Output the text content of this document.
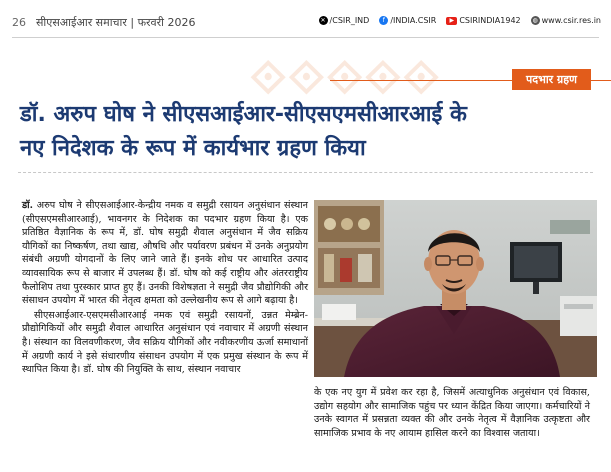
26 सीएसआईआर समाचार | फरवरी 2026	✕ /CSIR_IND	f /INDIA.CSIR	▶ CSIRINDIA1942	◍ www.csir.res.in
⟐⟐⟐⟐⟐	पदभार ग्रहण
डॉ. अरुप घोष ने सीएसआईआर-सीएसएमसीआरआई के
नए निदेशक के रूप में कार्यभार ग्रहण किया

डॉ. अरुप घोष ने सीएसआईआर-केन्द्रीय नमक व समुद्री रसायन अनुसंधान संस्थान (सीएसएमसीआरआई), भावनगर के निदेशक का पदभार ग्रहण किया है। एक प्रतिष्ठित वैज्ञानिक के रूप में, डॉ. घोष समुद्री शैवाल अनुसंधान में जैव सक्रिय यौगिकों का निष्कर्षण, तथा खाद्य, औषधि और पर्यावरण प्रबंधन में उनके अनुप्रयोग संबंधी अग्रणी योगदानों के लिए जाने जाते हैं। इनके शोध पर आधारित उत्पाद व्यावसायिक रूप से बाजार में उपलब्ध हैं। डॉ. घोष को कई राष्ट्रीय और अंतरराष्ट्रीय फैलोशिप तथा पुरस्कार प्राप्त हुए हैं। उनकी विशेषज्ञता ने समुद्री जैव प्रौद्योगिकी और संसाधन उपयोग में भारत की नेतृत्व क्षमता को उल्लेखनीय रूप से आगे बढ़ाया है।

सीएसआईआर-एसएमसीआरआई नमक एवं समुद्री रसायनों, उन्नत मेम्ब्रेन-प्रौद्योगिकियों और समुद्री शैवाल आधारित अनुसंधान एवं नवाचार में अग्रणी संस्थान है। संस्थान का विलवणीकरण, जैव सक्रिय यौगिकों और नवीकरणीय ऊर्जा समाधानों में अग्रणी कार्य ने इसे संधारणीय संसाधन उपयोग में एक प्रमुख संस्थान के रूप में स्थापित किया है। डॉ. घोष की नियुक्ति के साथ, संस्थान नवाचार

के एक नए युग में प्रवेश कर रहा है, जिसमें अत्याधुनिक अनुसंधान एवं विकास, उद्योग सहयोग और सामाजिक पहुंच पर ध्यान केंद्रित किया जाएगा। कर्मचारियों ने उनके स्वागत में प्रसन्नता व्यक्त की और उनके नेतृत्व में वैज्ञानिक उत्कृष्टता और सामाजिक प्रभाव के नए आयाम हासिल करने का विश्वास जताया।
